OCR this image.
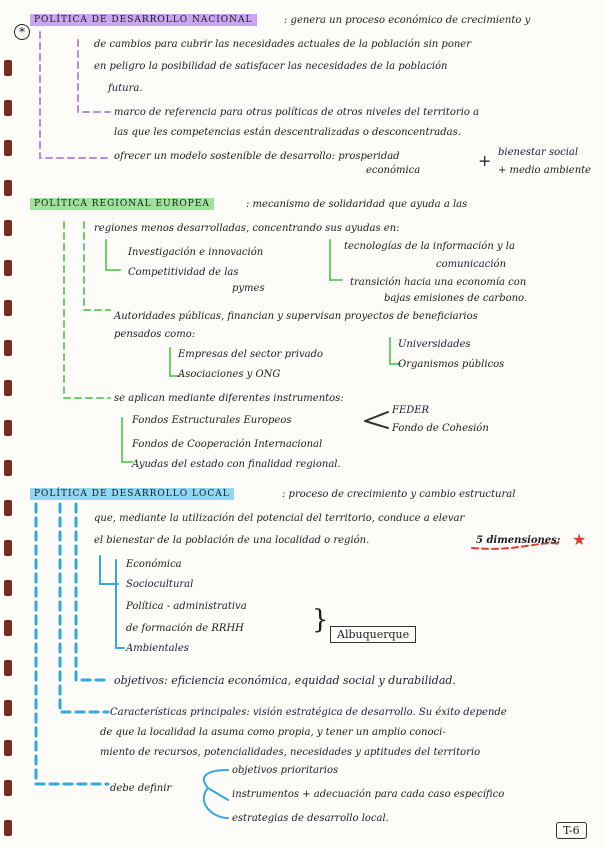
*
POLÍTICA DE DESARROLLO NACIONAL	: genera un proceso económico de crecimiento y
de cambios para cubrir las necesidades actuales de la población sin poner
en peligro la posibilidad de satisfacer las necesidades de la población
futura.
marco de referencia para otras políticas de otros niveles del territorio a
las que les competencias están descentralizadas o desconcentradas.
ofrecer un modelo sostenible de desarrollo: prosperidad
económica
+ bienestar social
+ medio ambiente
POLÍTICA REGIONAL EUROPEA	: mecanismo de solidaridad que ayuda a las
regiones menos desarrolladas, concentrando sus ayudas en:
Investigación e innovación
Competitividad de las
pymes
tecnologías de la información y la
comunicación
transición hacia una economía con
bajas emisiones de carbono.
Autoridades públicas, financian y supervisan proyectos de beneficiarios
pensados como:
Empresas del sector privado
Asociaciones y ONG
Universidades
Organismos públicos
se aplican mediante diferentes instrumentos:
Fondos Estructurales Europeos
FEDER
Fondo de Cohesión
Fondos de Cooperación Internacional
Ayudas del estado con finalidad regional.
POLÍTICA DE DESARROLLO LOCAL	: proceso de crecimiento y cambio estructural
que, mediante la utilización del potencial del territorio, conduce a elevar
el bienestar de la población de una localidad o región.	5 dimensiones: ★
Económica
Sociocultural
Política - administrativa
de formación de RRHH
Ambientales
} Albuquerque
objetivos: eficiencia económica, equidad social y durabilidad.
Características principales: visión estratégica de desarrollo. Su éxito depende
de que la localidad la asuma como propia, y tener un amplio conoci-
miento de recursos, potencialidades, necesidades y aptitudes del territorio
debe definir
objetivos prioritarios
instrumentos + adecuación para cada caso específico
estrategias de desarrollo local.
T-6
